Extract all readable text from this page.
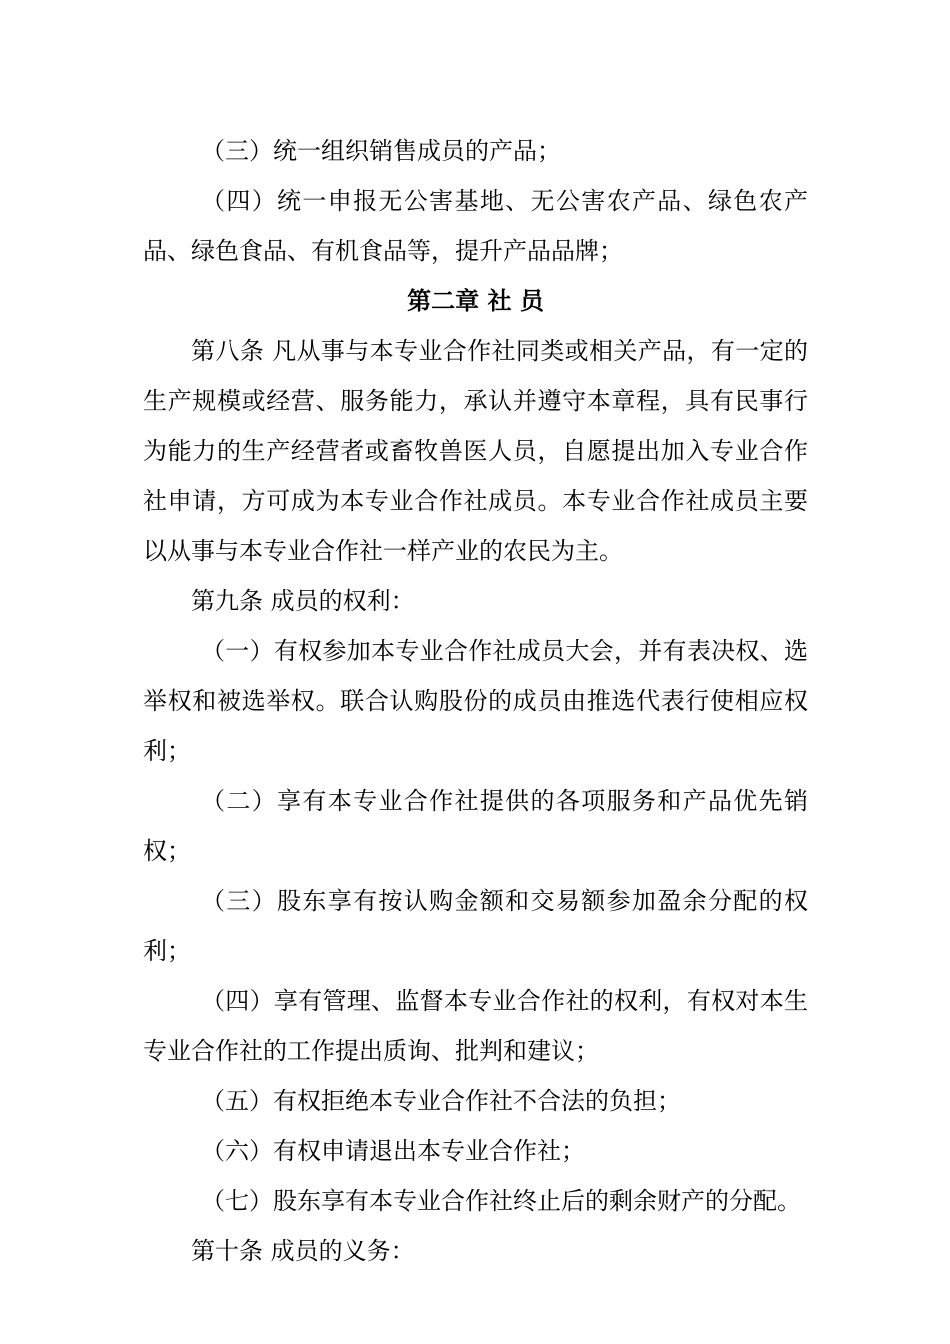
（三）统一组织销售成员的产品；

（四）统一申报无公害基地、无公害农产品、绿色农产品、绿色食品、有机食品等，提升产品品牌；

第二章 社 员

第八条 凡从事与本专业合作社同类或相关产品，有一定的生产规模或经营、服务能力，承认并遵守本章程，具有民事行为能力的生产经营者或畜牧兽医人员，自愿提出加入专业合作社申请，方可成为本专业合作社成员。本专业合作社成员主要以从事与本专业合作社一样产业的农民为主。

第九条 成员的权利：

（一）有权参加本专业合作社成员大会，并有表决权、选举权和被选举权。联合认购股份的成员由推选代表行使相应权利；

（二）享有本专业合作社提供的各项服务和产品优先销权；

（三）股东享有按认购金额和交易额参加盈余分配的权利；

（四）享有管理、监督本专业合作社的权利，有权对本生专业合作社的工作提出质询、批判和建议；

（五）有权拒绝本专业合作社不合法的负担；

（六）有权申请退出本专业合作社；

（七）股东享有本专业合作社终止后的剩余财产的分配。

第十条 成员的义务：
